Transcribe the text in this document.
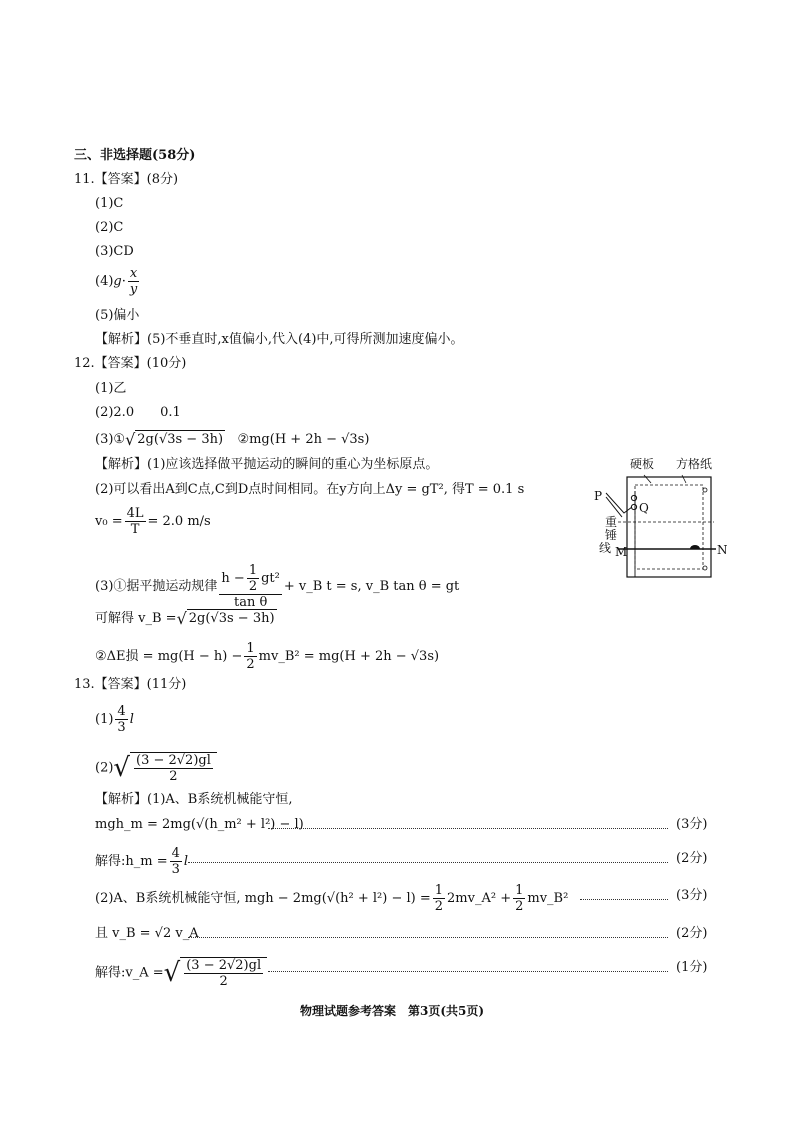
三、非选择题(58分)
11.【答案】(8分)
(1)C
(2)C
(3)CD
$(4)g\cdot \frac{x}{y}$
(5)偏小
【解析】(5)不垂直时,x值偏小,代入(4)中,可得所测加速度偏小。
12.【答案】(10分)
(1)乙
(2)2.0　　0.1
(3)①√ 2g(√3s − 3h) ②mg(H + 2h − √3s)
【解析】(1)应该选择做平抛运动的瞬间的重心为坐标原点。
(2)可以看出A到C点,C到D点时间相同。在y方向上Δy = gT², 得T = 0.1 s
$v_0 = \frac{4L}{T} = 2.0$ m/s
(3)①据平抛运动规律 $\frac{h - \frac{1}{2} gt^2}{\text{tan θ}}$ + v_B t = s, v_B tan θ = gt
可解得 v_B =√ 2g(√3s − 3h)
②ΔE损 = $mg(H - h) - \frac{1}{2}$ mv_B² = mg(H + 2h − √3s)
硬板 方格纸
P
Q
重
锤
线 M	N
13.【答案】(11分)
$(1) \frac{4}{3}$ l
$(2)√ \frac{(3 - 2√2)gl}{2}$
【解析】(1)A、B系统机械能守恒,
mgh_m = 2mg(√(h_m² + l²) − l)	(3分)
解得:h_m = $\frac{4}{3}$ l	(2分)
(2)A、B系统机械能守恒, mgh − $2mg(√(h^2 + l^2) - l) = \frac{1}{2}$ 2mv_A² + $\frac{1}{2}$ mv_B²	(3分)
且 v_B = √2 v_A	(2分)
解得:v_A =√ $\frac{(3 - 2√2)gl}{2}$	(1分)
物理试题参考答案　第3页(共5页)
